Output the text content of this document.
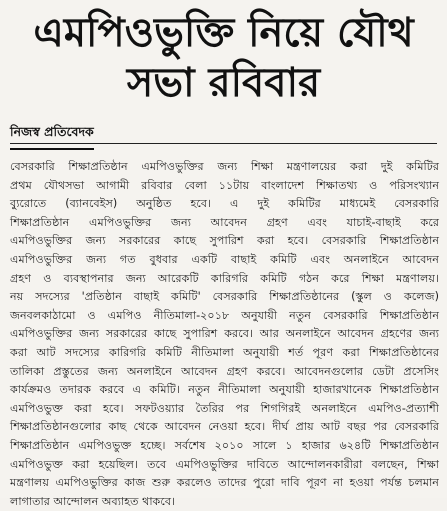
এমপিওভুক্তি নিয়ে যৌথ
সভা রবিবার
নিজস্ব প্রতিবেদক
বেসরকারি শিক্ষাপ্রতিষ্ঠান এমপিওভুক্তির জন্য শিক্ষা মন্ত্রণালয়ের করা দুই কমিটির
প্রথম যৌথসভা আগামী রবিবার বেলা ১১টায় বাংলাদেশ শিক্ষাতথ্য ও পরিসংখ্যান
ব্যুরোতে (ব্যানবেইস) অনুষ্ঠিত হবে। এ দুই কমিটির মাধ্যমেই বেসরকারি
শিক্ষাপ্রতিষ্ঠান এমপিওভুক্তির জন্য আবেদন গ্রহণ এবং যাচাই-বাছাই করে
এমপিওভুক্তির জন্য সরকারের কাছে সুপারিশ করা হবে। বেসরকারি শিক্ষাপ্রতিষ্ঠান
এমপিওভুক্তির জন্য গত বুধবার একটি বাছাই কমিটি এবং অনলাইনে আবেদন
গ্রহণ ও ব্যবস্থাপনার জন্য আরেকটি কারিগরি কমিটি গঠন করে শিক্ষা মন্ত্রণালয়।
নয় সদস্যের 'প্রতিষ্ঠান বাছাই কমিটি' বেসরকারি শিক্ষাপ্রতিষ্ঠানের (স্কুল ও কলেজ)
জনবলকাঠামো ও এমপিও নীতিমালা-২০১৮ অনুযায়ী নতুন বেসরকারি শিক্ষাপ্রতিষ্ঠান
এমপিওভুক্তির জন্য সরকারের কাছে সুপারিশ করবে। আর অনলাইনে আবেদন গ্রহণের জন্য
করা আট সদস্যের কারিগরি কমিটি নীতিমালা অনুযায়ী শর্ত পূরণ করা শিক্ষাপ্রতিষ্ঠানের
তালিকা প্রস্তুতের জন্য অনলাইনে আবেদন গ্রহণ করবে। আবেদনগুলোর ডেটা প্রসেসিং
কার্যক্রমও তদারক করবে এ কমিটি। নতুন নীতিমালা অনুযায়ী হাজারখানেক শিক্ষাপ্রতিষ্ঠান
এমপিওভুক্ত করা হবে। সফটওয়্যার তৈরির পর শিগগিরই অনলাইনে এমপিও-প্রত্যাশী
শিক্ষাপ্রতিষ্ঠানগুলোর কাছ থেকে আবেদন নেওয়া হবে। দীর্ঘ প্রায় আট বছর পর বেসরকারি
শিক্ষাপ্রতিষ্ঠান এমপিওভুক্ত হচ্ছে। সর্বশেষ ২০১০ সালে ১ হাজার ৬২৪টি শিক্ষাপ্রতিষ্ঠান
এমপিওভুক্ত করা হয়েছিল। তবে এমপিওভুক্তির দাবিতে আন্দোলনকারীরা বলছেন, শিক্ষা
মন্ত্রণালয় এমপিওভুক্তির কাজ শুরু করলেও তাদের পুরো দাবি পূরণ না হওয়া পর্যন্ত চলমান
লাগাতার আন্দোলন অব্যাহত থাকবে।
